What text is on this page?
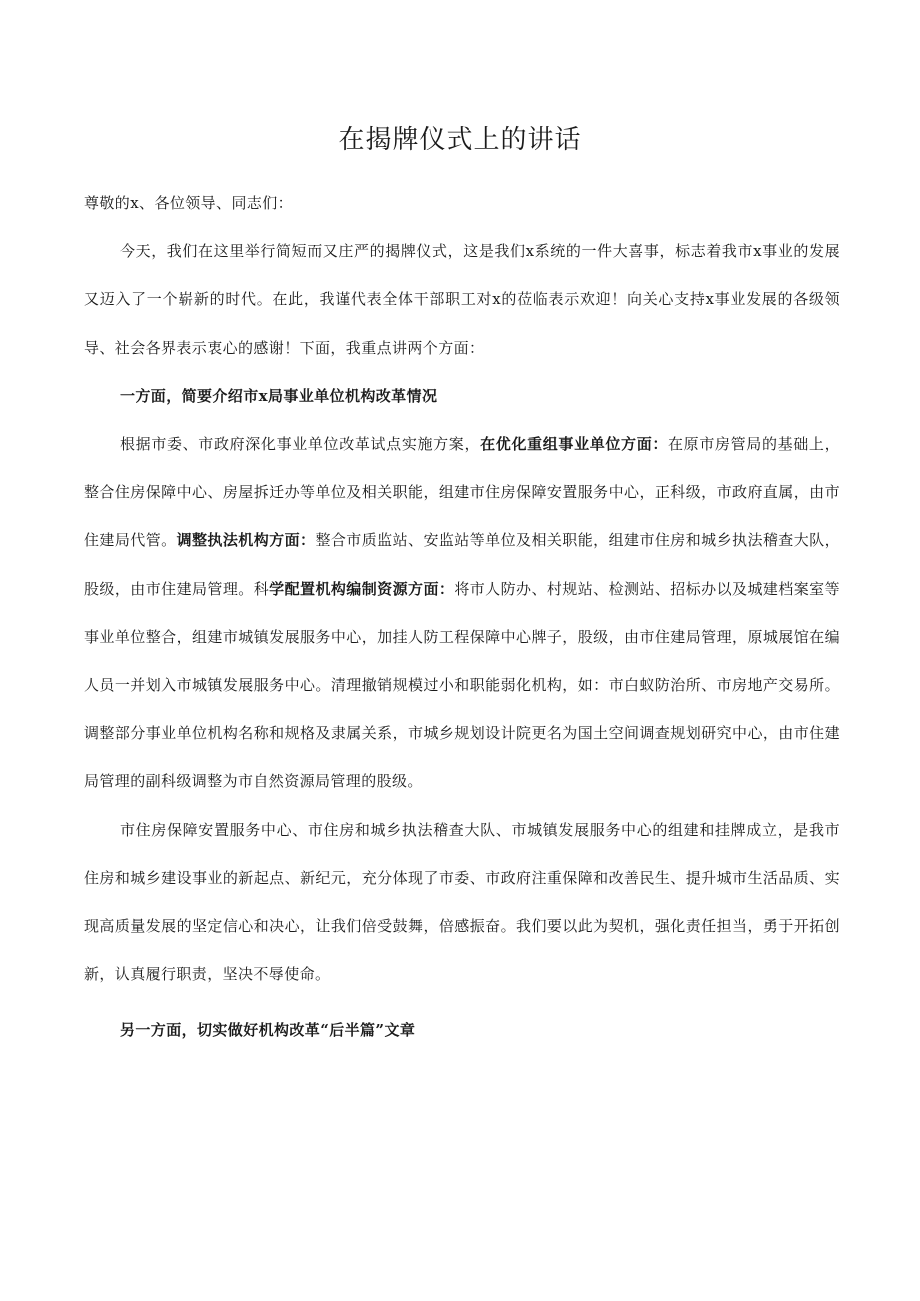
在揭牌仪式上的讲话

尊敬的x、各位领导、同志们：

今天，我们在这里举行简短而又庄严的揭牌仪式，这是我们x系统的一件大喜事，标志着我市x事业的发展又迈入了一个崭新的时代。在此，我谨代表全体干部职工对x的莅临表示欢迎！向关心支持x事业发展的各级领导、社会各界表示衷心的感谢！下面，我重点讲两个方面：

一方面，简要介绍市x局事业单位机构改革情况

根据市委、市政府深化事业单位改革试点实施方案，在优化重组事业单位方面：在原市房管局的基础上，整合住房保障中心、房屋拆迁办等单位及相关职能，组建市住房保障安置服务中心，正科级，市政府直属，由市住建局代管。调整执法机构方面：整合市质监站、安监站等单位及相关职能，组建市住房和城乡执法稽查大队，股级，由市住建局管理。科学配置机构编制资源方面：将市人防办、村规站、检测站、招标办以及城建档案室等事业单位整合，组建市城镇发展服务中心，加挂人防工程保障中心牌子，股级，由市住建局管理，原城展馆在编人员一并划入市城镇发展服务中心。清理撤销规模过小和职能弱化机构，如：市白蚁防治所、市房地产交易所。调整部分事业单位机构名称和规格及隶属关系，市城乡规划设计院更名为国土空间调查规划研究中心，由市住建局管理的副科级调整为市自然资源局管理的股级。

市住房保障安置服务中心、市住房和城乡执法稽查大队、市城镇发展服务中心的组建和挂牌成立，是我市住房和城乡建设事业的新起点、新纪元，充分体现了市委、市政府注重保障和改善民生、提升城市生活品质、实现高质量发展的坚定信心和决心，让我们倍受鼓舞，倍感振奋。我们要以此为契机，强化责任担当，勇于开拓创新，认真履行职责，坚决不辱使命。

另一方面，切实做好机构改革“后半篇”文章
